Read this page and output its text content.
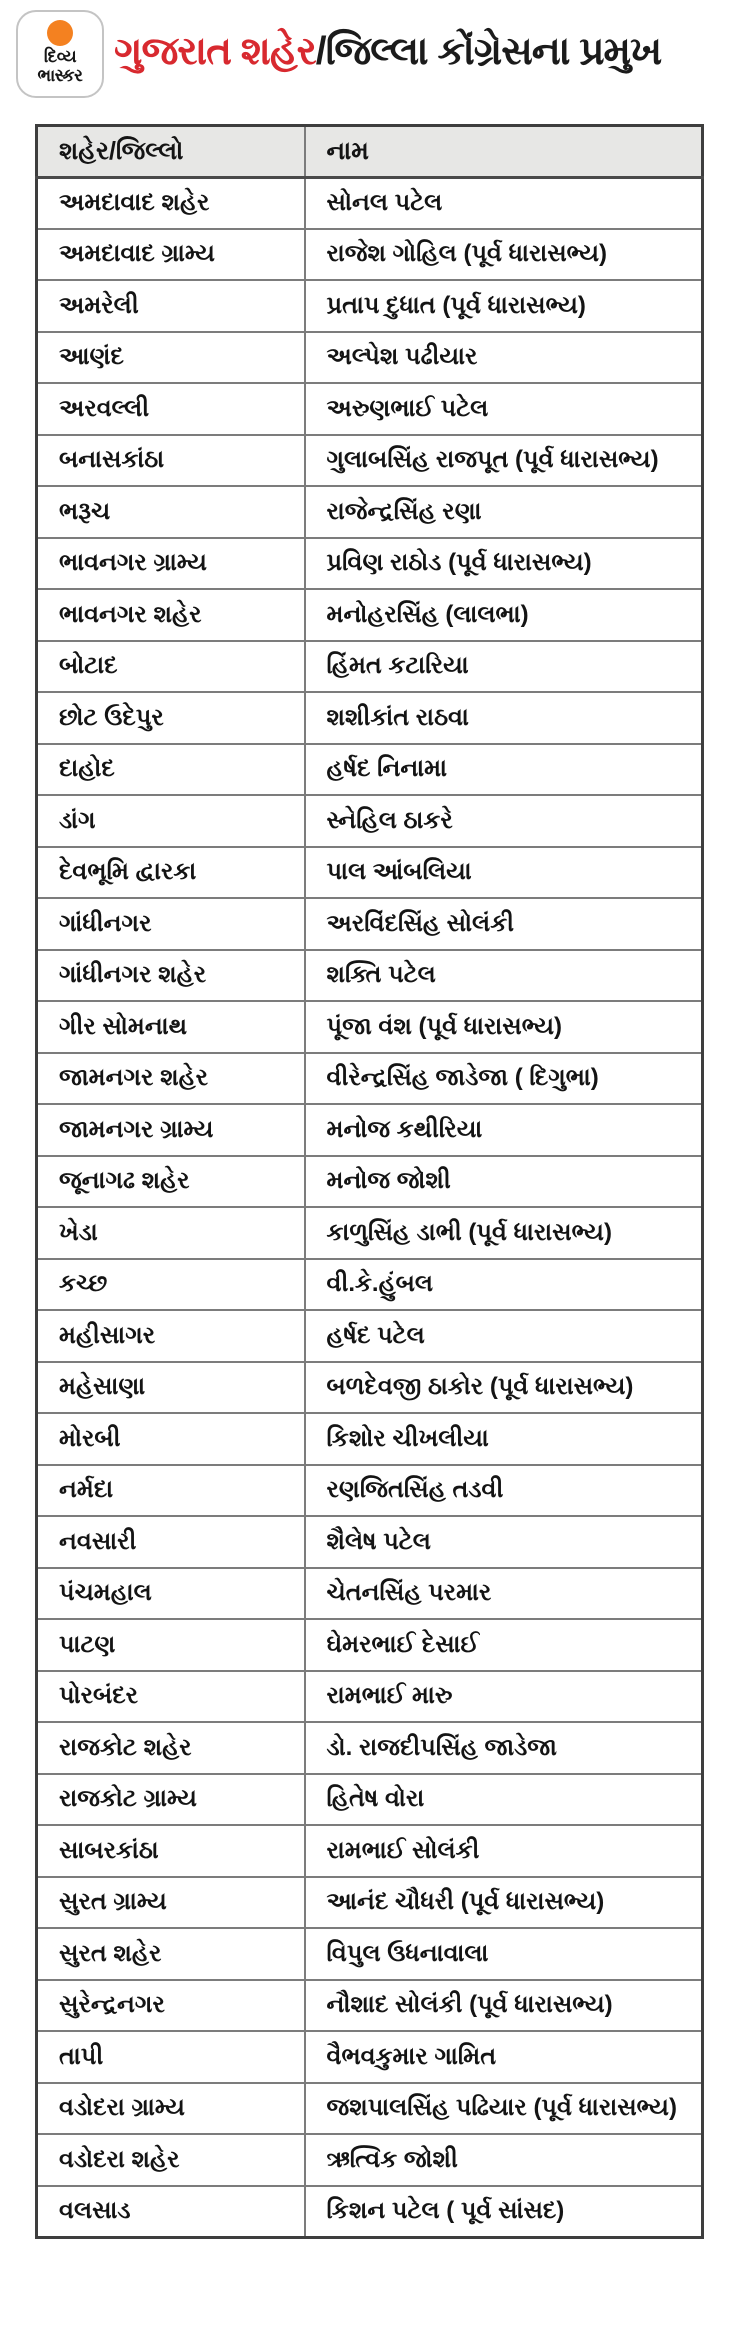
દિવ્ય
ભાસ્કર
ગુજરાત શહેર /જિલ્લા કોંગ્રેસના પ્રમુખ
શહેર/જિલ્લો	નામ
અમદાવાદ શહેર	સોનલ પટેલ
અમદાવાદ ગ્રામ્ય	રાજેશ ગોહિલ (પૂર્વ ધારાસભ્ય)
અમરેલી	પ્રતાપ દુધાત (પૂર્વ ધારાસભ્ય)
આણંદ	અલ્પેશ પઢીયાર
અરવલ્લી	અરુણભાઈ પટેલ
બનાસકાંઠા	ગુલાબસિંહ રાજપૂત (પૂર્વ ધારાસભ્ય)
ભરૂચ	રાજેન્દ્રસિંહ રણા
ભાવનગર ગ્રામ્ય	પ્રવિણ રાઠોડ (પૂર્વ ધારાસભ્ય)
ભાવનગર શહેર	મનોહરસિંહ (લાલભા)
બોટાદ	હિંમત કટારિયા
છોટ ઉદેપુર	શશીકાંત રાઠવા
દાહોદ	હર્ષદ નિનામા
ડાંગ	સ્નેહિલ ઠાકરે
દેવભૂમિ દ્વારકા	પાલ આંબલિયા
ગાંધીનગર	અરવિંદસિંહ સોલંકી
ગાંધીનગર શહેર	શક્તિ પટેલ
ગીર સોમનાથ	પૂંજા વંશ (પૂર્વ ધારાસભ્ય)
જામનગર શહેર	વીરેન્દ્રસિંહ જાડેજા ( દિગુભા)
જામનગર ગ્રામ્ય	મનોજ કથીરિયા
જૂનાગઢ શહેર	મનોજ જોશી
ખેડા	કાળુસિંહ ડાભી (પૂર્વ ધારાસભ્ય)
કચ્છ	વી.કે.હુંબલ
મહીસાગર	હર્ષદ પટેલ
મહેસાણા	બળદેવજી ઠાકોર (પૂર્વ ધારાસભ્ય)
મોરબી	કિશોર ચીખલીયા
નર્મદા	રણજિતસિંહ તડવી
નવસારી	શૈલેષ પટેલ
પંચમહાલ	ચેતનસિંહ પરમાર
પાટણ	ઘેમરભાઈ દેસાઈ
પોરબંદર	રામભાઈ મારુ
રાજકોટ શહેર	ડો. રાજદીપસિંહ જાડેજા
રાજકોટ ગ્રામ્ય	હિતેષ વોરા
સાબરકાંઠા	રામભાઈ સોલંકી
સુરત ગ્રામ્ય	આનંદ ચૌધરી (પૂર્વ ધારાસભ્ય)
સુરત શહેર	વિપુલ ઉધનાવાલા
સુરેન્દ્રનગર	નૌશાદ સોલંકી (પૂર્વ ધારાસભ્ય)
તાપી	વૈભવકુમાર ગામિત
વડોદરા ગ્રામ્ય	જશપાલસિંહ પઢિયાર (પૂર્વ ધારાસભ્ય)
વડોદરા શહેર	ઋત્વિક જોશી
વલસાડ	કિશન પટેલ ( પૂર્વ સાંસદ)
